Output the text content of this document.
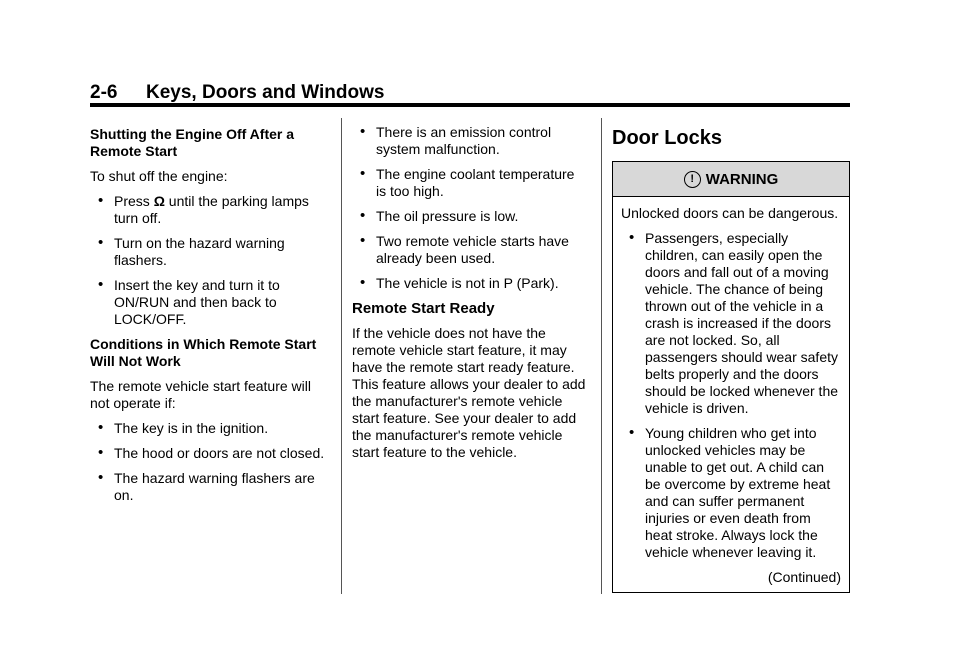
2-6 Keys, Doors and Windows

Shutting the Engine Off After a Remote Start

To shut off the engine:

• Press Ω until the parking lamps turn off.
• Turn on the hazard warning flashers.
• Insert the key and turn it to ON/RUN and then back to LOCK/OFF.

Conditions in Which Remote Start Will Not Work

The remote vehicle start feature will not operate if:

• The key is in the ignition.
• The hood or doors are not closed.
• The hazard warning flashers are on.
• There is an emission control system malfunction.
• The engine coolant temperature is too high.
• The oil pressure is low.
• Two remote vehicle starts have already been used.
• The vehicle is not in P (Park).
Remote Start Ready

If the vehicle does not have the remote vehicle start feature, it may have the remote start ready feature. This feature allows your dealer to add the manufacturer's remote vehicle start feature. See your dealer to add the manufacturer's remote vehicle start feature to the vehicle.

Door Locks
! WARNING

Unlocked doors can be dangerous.

• Passengers, especially children, can easily open the doors and fall out of a moving vehicle. The chance of being thrown out of the vehicle in a crash is increased if the doors are not locked. So, all passengers should wear safety belts properly and the doors should be locked whenever the vehicle is driven.
• Young children who get into unlocked vehicles may be unable to get out. A child can be overcome by extreme heat and can suffer permanent injuries or even death from heat stroke. Always lock the vehicle whenever leaving it.

(Continued)
